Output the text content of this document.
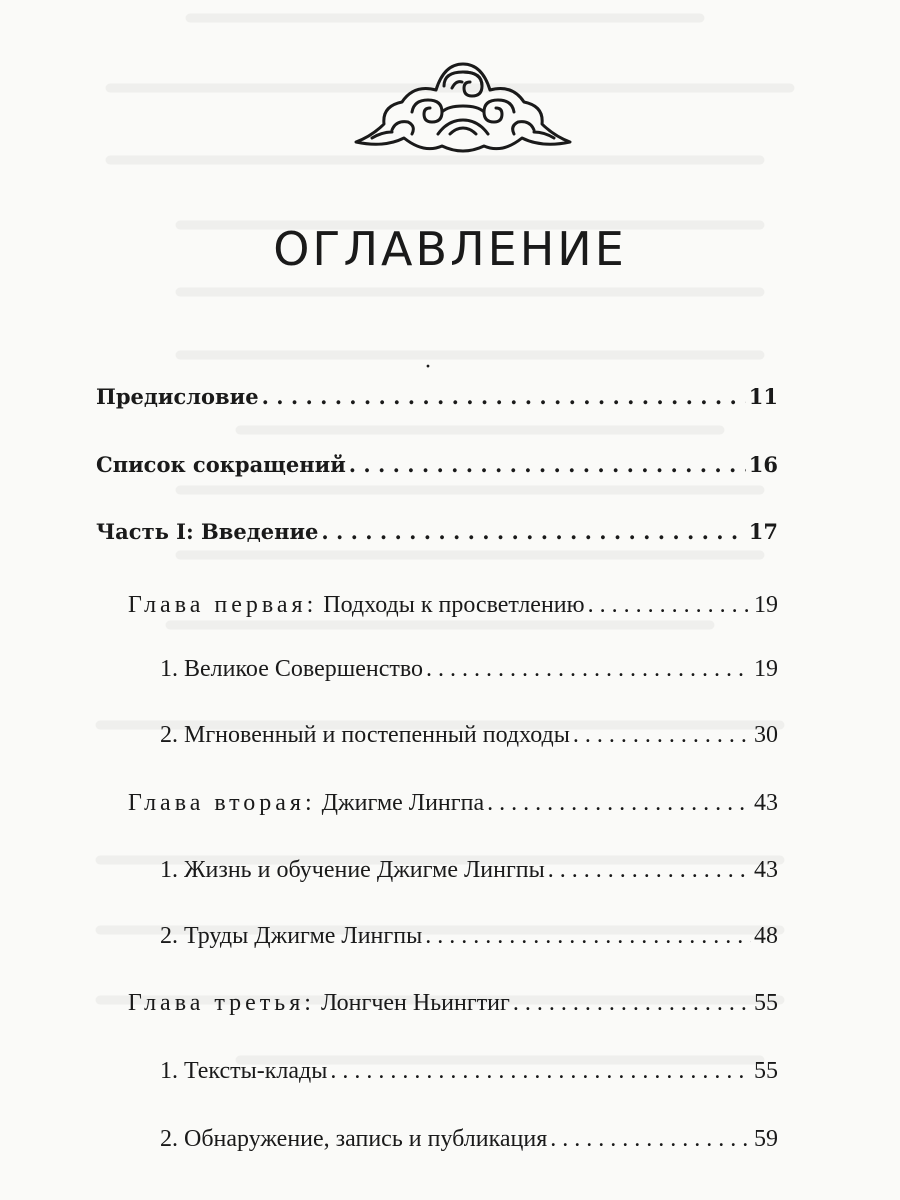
ОГЛАВЛЕНИЕ
·
Предисловие . . .	11
Список сокращений . . .	16
Часть I: Введение . . .	17
Глава первая: Подходы к просветлению . . .	19
1. Великое Совершенство . . .	19
2. Мгновенный и постепенный подходы . . .	30
Глава вторая: Джигме Лингпа . . .	43
1. Жизнь и обучение Джигме Лингпы . . .	43
2. Труды Джигме Лингпы . . .	48
Глава третья: Лонгчен Ньингтиг . . .	55
1. Тексты-клады . . .	55
2. Обнаружение, запись и публикация . . .	59
